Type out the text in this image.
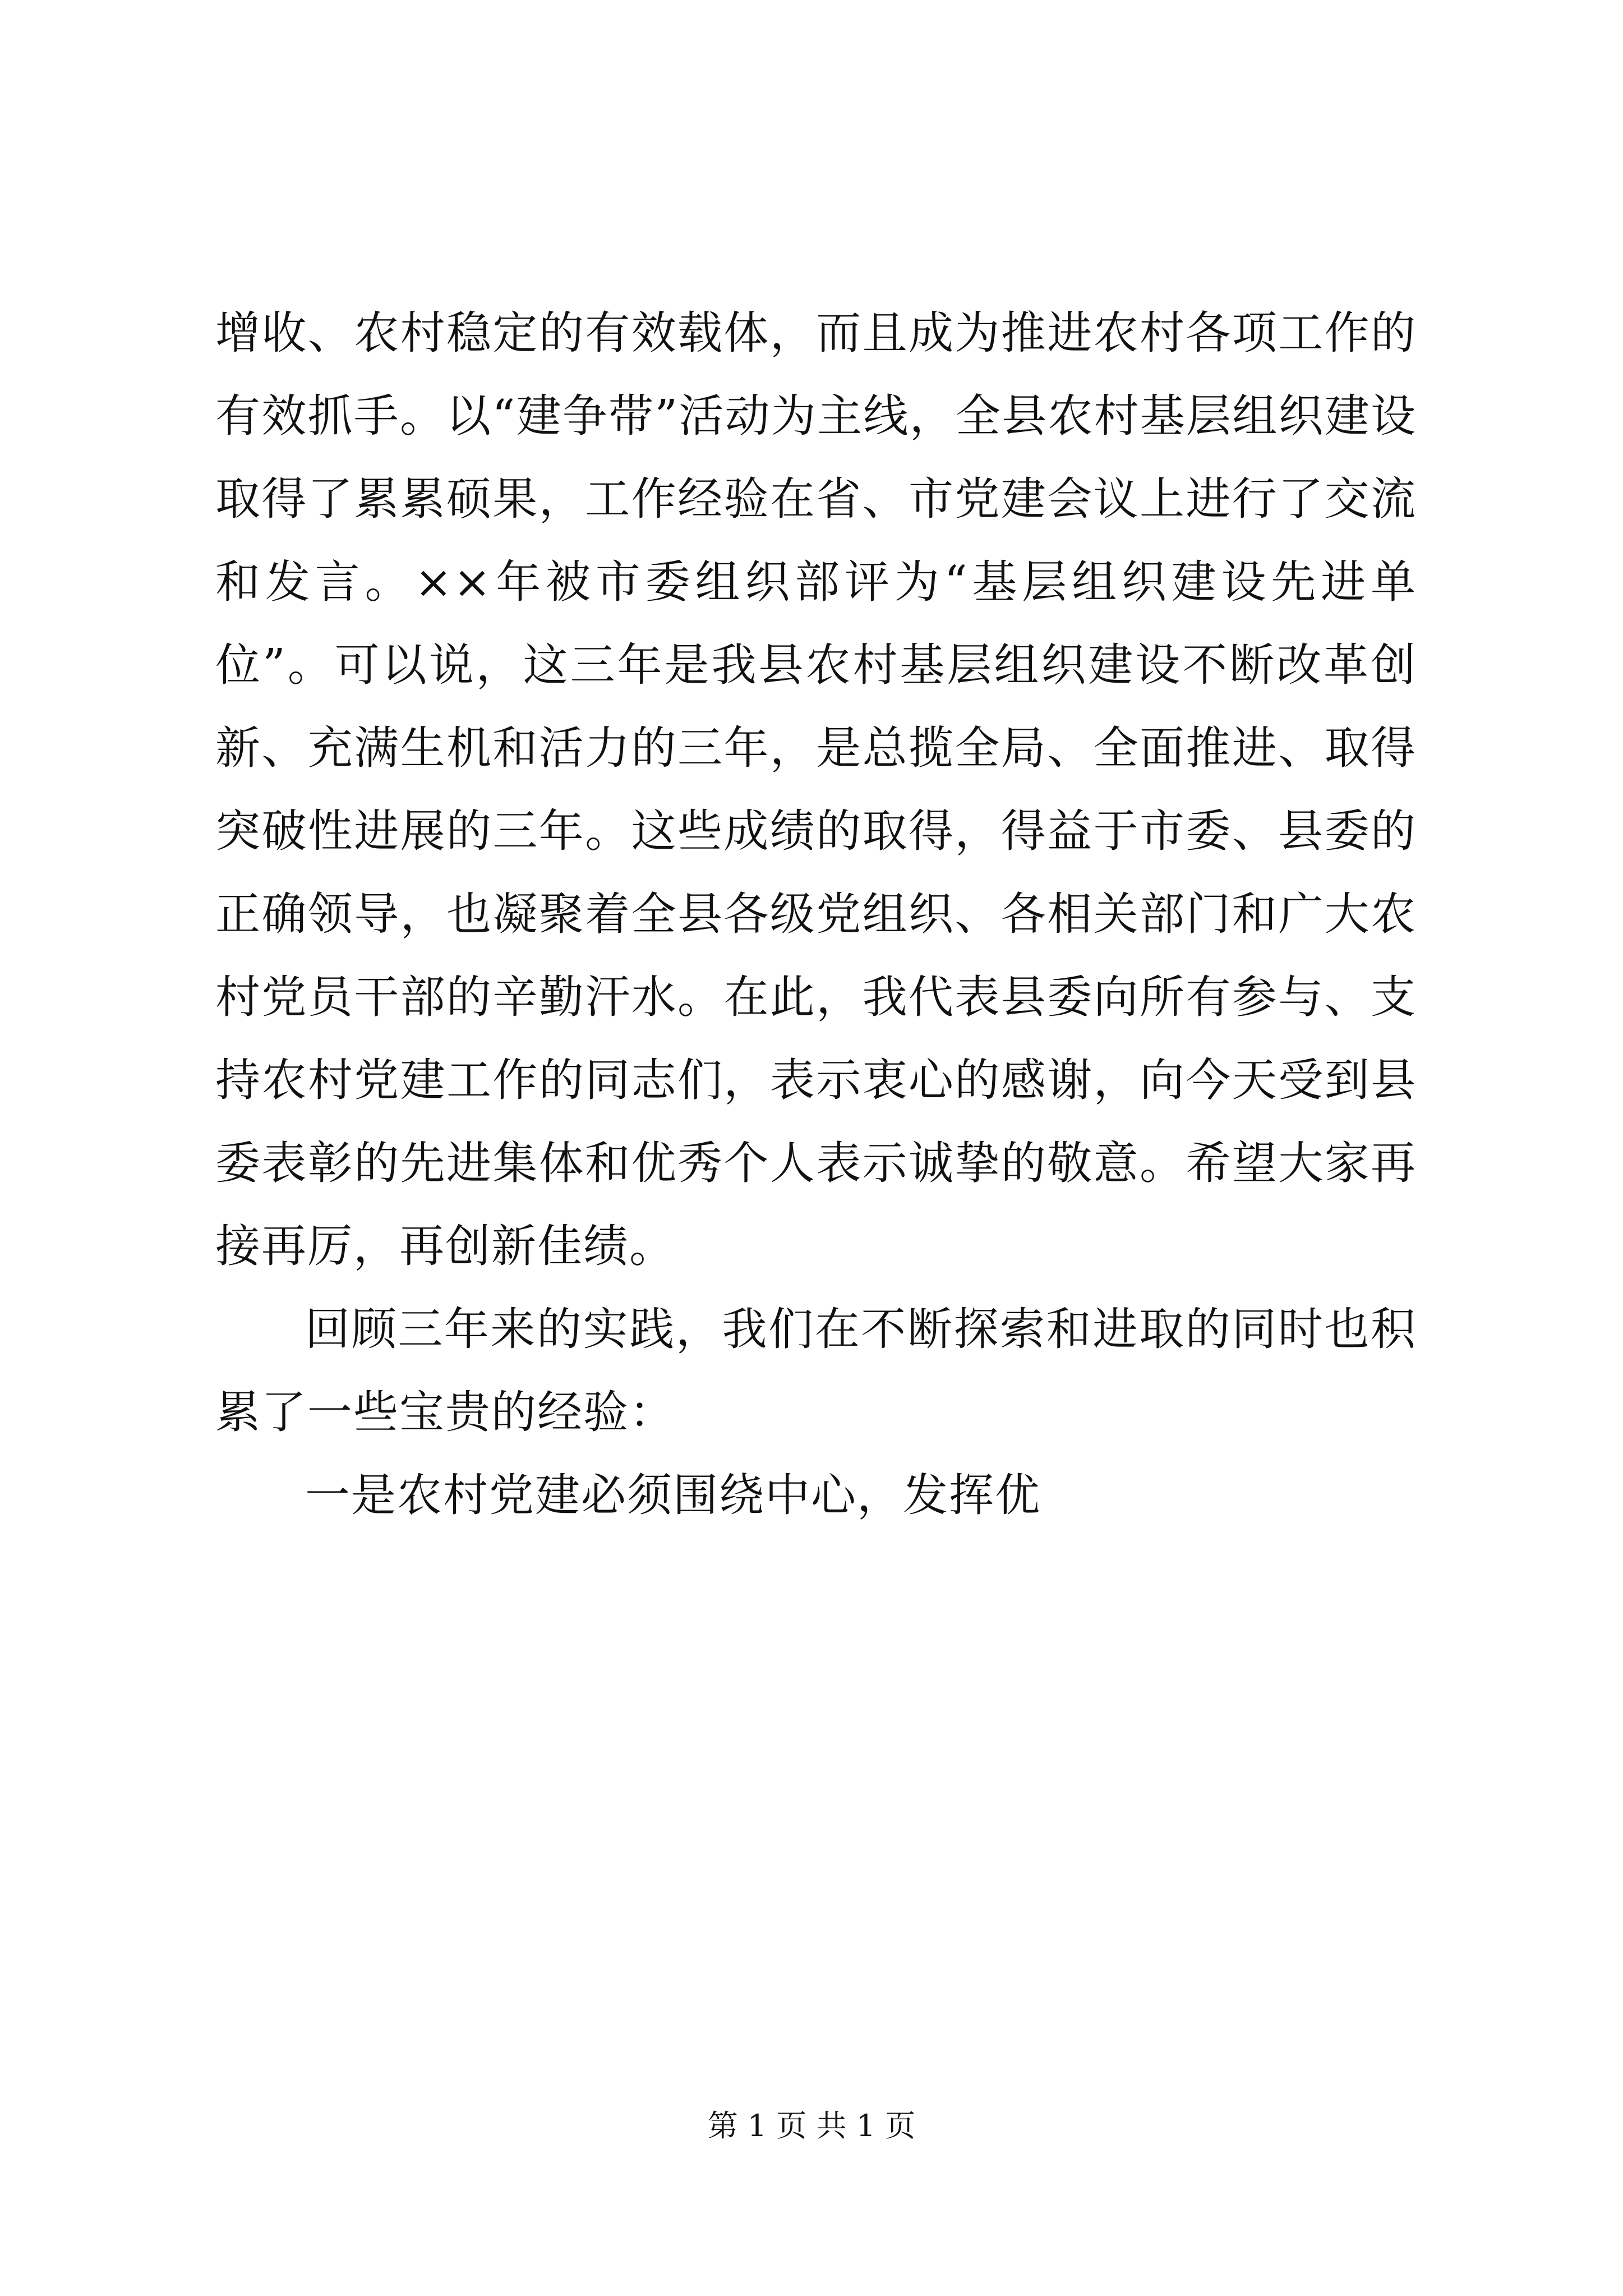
增收、农村稳定的有效载体，而且成为推进农村各项工作的有效抓手。以“建争带”活动为主线，全县农村基层组织建设取得了累累硕果，工作经验在省、市党建会议上进行了交流和发言。××年被市委组织部评为“基层组织建设先进单位”。可以说，这三年是我县农村基层组织建设不断改革创新、充满生机和活力的三年，是总揽全局、全面推进、取得突破性进展的三年。这些成绩的取得，得益于市委、县委的正确领导，也凝聚着全县各级党组织、各相关部门和广大农村党员干部的辛勤汗水。在此，我代表县委向所有参与、支持农村党建工作的同志们，表示衷心的感谢，向今天受到县委表彰的先进集体和优秀个人表示诚挚的敬意。希望大家再接再厉，再创新佳绩。

回顾三年来的实践，我们在不断探索和进取的同时也积累了一些宝贵的经验：

一是农村党建必须围绕中心，发挥优

第 1 页 共 1 页
